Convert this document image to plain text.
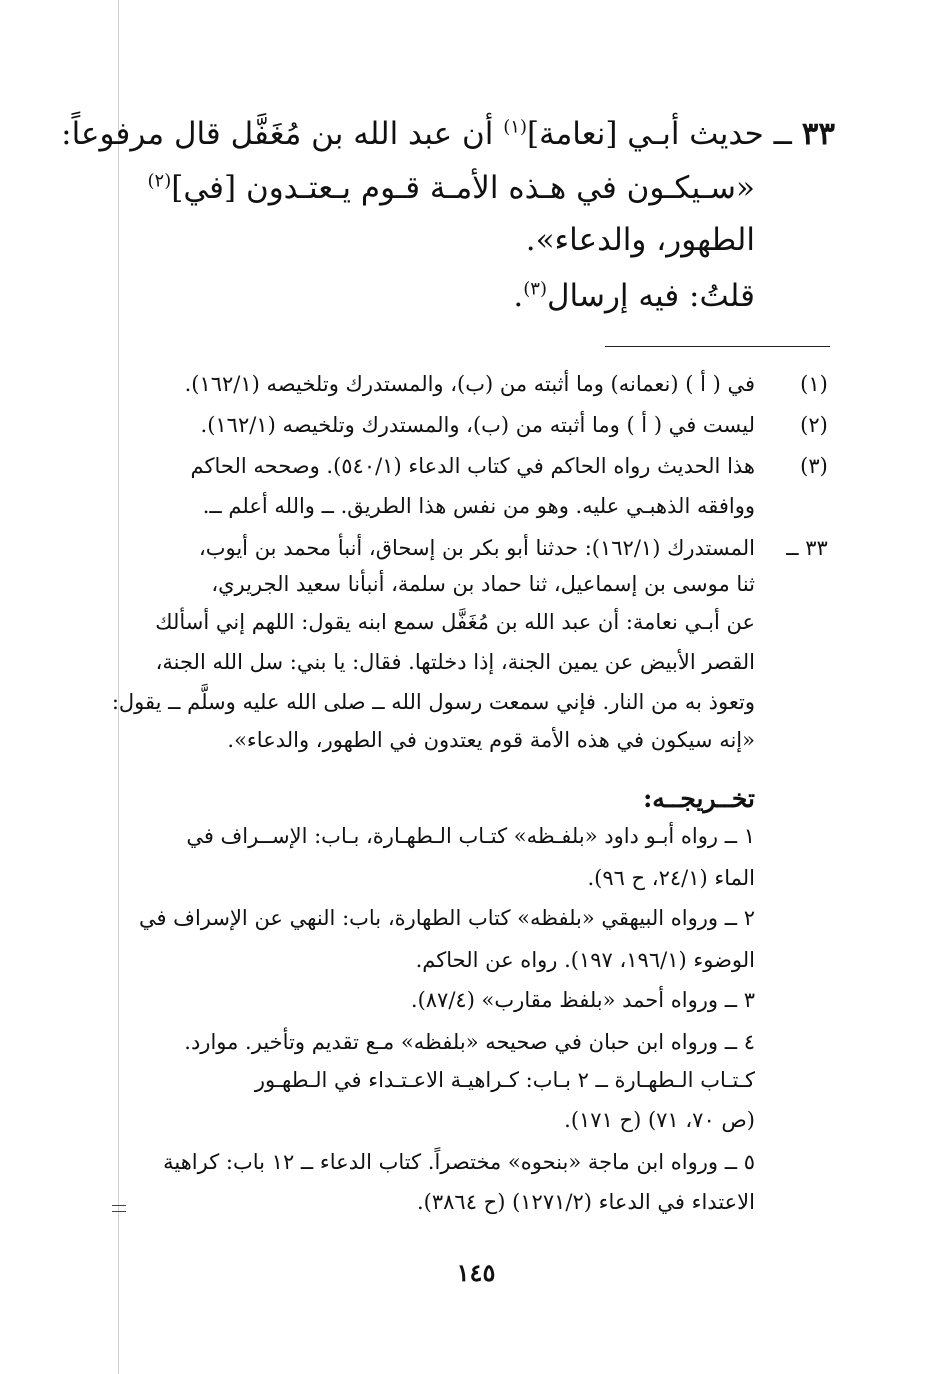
٣٣ ــ حديث أبـي [نعامة]$^{(١)}$ أن عبد الله بن مُغَفَّل قال مرفوعاً:
«سـيكـون في هـذه الأمـة قـوم يـعتـدون [في]$^{(٢)}$
الطهور، والدعاء».
قلتُ: فيه إرسال$^{(٣)}$.
(١)
في ( أ ) (نعمانه) وما أثبته من (ب)، والمستدرك وتلخيصه (١٦٢/١).
(٢)
ليست في ( أ ) وما أثبته من (ب)، والمستدرك وتلخيصه (١٦٢/١).
(٣)
هذا الحديث رواه الحاكم في كتاب الدعاء (٥٤٠/١). وصححه الحاكم
ووافقه الذهبـي عليه. وهو من نفس هذا الطريق. ــ والله أعلم ــ.
٣٣ ــ
المستدرك (١٦٢/١): حدثنا أبو بكر بن إسحاق، أنبأ محمد بن أيوب،
ثنا موسى بن إسماعيل، ثنا حماد بن سلمة، أنبأنا سعيد الجريري،
عن أبـي نعامة: أن عبد الله بن مُغَفَّل سمع ابنه يقول: اللهم إني أسألك
القصر الأبيض عن يمين الجنة، إذا دخلتها. فقال: يا بني: سل الله الجنة،
وتعوذ به من النار. فإني سمعت رسول الله ــ صلى الله عليه وسلَّم ــ يقول:
«إنه سيكون في هذه الأمة قوم يعتدون في الطهور، والدعاء».
تخــريجــه:
١ ــ رواه أبـو داود «بلفـظه» كتـاب الـطهـارة، بـاب: الإســراف في
الماء (٢٤/١، ح ٩٦).
٢ ــ ورواه البيهقي «بلفظه» كتاب الطهارة، باب: النهي عن الإسراف في
الوضوء (١٩٦/١، ١٩٧). رواه عن الحاكم.
٣ ــ ورواه أحمد «بلفظ مقارب» (٨٧/٤).
٤ ــ ورواه ابن حبان في صحيحه «بلفظه» مـع تقديم وتأخير. موارد.
كـتـاب الـطهـارة ــ ٢ بـاب: كـراهيـة الاعـتـداء في الـطهـور
(ص ٧٠، ٧١) (ح ١٧١).
٥ ــ ورواه ابن ماجة «بنحوه» مختصراً. كتاب الدعاء ــ ١٢ باب: كراهية
الاعتداء في الدعاء (١٢٧١/٢) (ح ٣٨٦٤).
١٤٥
